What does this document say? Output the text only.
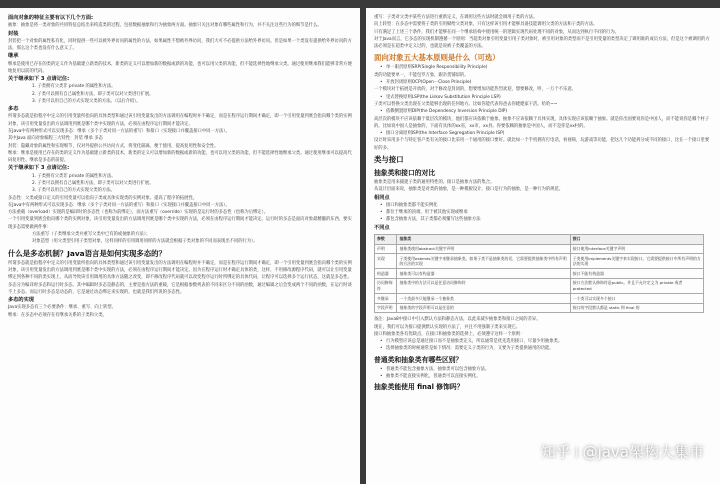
面向对象的特征主要有以下几个方面:
抽象：抽象是将一类对象的共同特征总结出来构造类的过程，包括数据抽象和行为抽象两方面。抽象只关注对象有哪些属性和行为，并不关注这些行为的细节是什么。
封装
封装把一个对象的属性私有化，同时提供一些可以被外界访问的属性的方法，如果属性不想被外界访问，我们大可不必提供方法给外界访问。但是如果一个类没有提供给外界访问的方法，那么这个类也没有什么意义了。
继承
继承是使用已存在的类的定义作为基础建立新类的技术，新类的定义可以增加新的数据或新的功能，也可以用父类的功能，但不能选择性地继承父类。通过使用继承我们能够非常方便地复用以前的代码。
关于继承如下 3 点请记住:
1. 子类拥有父类非 private 的属性和方法。
2. 子类可以拥有自己属性和方法，即子类可以对父类进行扩展。
3. 子类可以用自己的方式实现父类的方法。（以后介绍）。
多态
所谓多态就是指程序中定义的引用变量所指向的具体类型和通过该引用变量发出的方法调用在编程时并不确定，而是在程序运行期间才确定，即一个引用变量到底会指向哪个类的实例对象，该引用变量发出的方法调用到底是哪个类中实现的方法，必须在由程序运行期间才能决定。
在Java中有两种形式可以实现多态：继承（多个子类对同一方法的重写）和接口（实现接口并覆盖接口中同一方法）。
其中Java 面向对象编程三大特性：封装 继承 多态
封装：隐藏对象的属性和实现细节，仅对外提供公共访问方式，将变化隔离，便于使用，提高复用性和安全性。
继承：继承是使用已存在的类的定义作为基础建立新类的技术，新类的定义可以增加新的数据或新的功能，也可以用父类的功能，但不能选择性地继承父类。通过使用继承可以提高代码复用性。继承是多态的前提。
关于继承如下 3 点请记住:
1. 子类拥有父类非 private 的属性和方法。
2. 子类可以拥有自己属性和方法，即子类可以对父类进行扩展。
3. 子类可以用自己的方式实现父类的方法。
多态性：父类或接口定义的引用变量可以指向子类或具体实现类的实例对象。提高了程序的拓展性。
在Java中有两种形式可以实现多态：继承（多个子类对同一方法的重写）和接口（实现接口并覆盖接口中同一方法）。
方法重载（overload）实现的是编译时的多态性（也称为前绑定），而方法重写（override）实现的是运行时的多态性（也称为后绑定）。
一个引用变量到底会指向哪个类的实例对象，该引用变量发出的方法调用到底是哪个类中实现的方法，必须在由程序运行期间才能决定。运行时的多态是面向对象最精髓的东西，要实现多态需要做两件事：
方法重写（子类继承父类并重写父类中已有的或抽象的方法）；
对象造型（用父类型引用子类型对象，这样同样的引用调用同样的方法就会根据子类对象的不同而表现出不同的行为）。
什么是多态机制？Java语言是如何实现多态的？
所谓多态就是指程序中定义的引用变量所指向的具体类型和通过该引用变量发出的方法调用在编程时并不确定，而是在程序运行期间才确定，即一个引用变量到底会指向哪个类的实例对象，该引用变量发出的方法调用到底是哪个类中实现的方法，必须在由程序运行期间才能决定。因为在程序运行时才确定具体的类，这样，不用修改源程序代码，就可以让引用变量绑定到各种不同的类实现上，从而导致该引用调用的具体方法随之改变，即不修改程序代码就可以改变程序运行时所绑定的具体代码，让程序可以选择多个运行状态，这就是多态性。
多态分为编译时多态和运行时多态。其中编辑时多态是静态的，主要是指方法的重载，它是根据参数列表的不同来区分不同的函数，通过编辑之后会变成两个不同的函数，在运行时谈不上多态。而运行时多态是动态的，它是通过动态绑定来实现的，也就是我们所说的多态性。
多态的实现
Java实现多态有三个必要条件：继承、重写、向上转型。
继承：在多态中必须存在有继承关系的子类和父类。
重写：子类对父类中某些方法进行重新定义，在调用这些方法时就会调用子类的方法。
向上转型：在多态中需要将子类的引用赋给父类对象，只有这样该引用才能够具备技能调用父类的方法和子类的方法。
只有满足了上述三个条件，我们才能够在同一个继承结构中使用统一的逻辑实现代码处理不同的对象，从而达到执行不同的行为。
对于Java而言，它多态的实现机制遵循一个原则：当超类对象引用变量引用子类对象时，被引用对象的类型而不是引用变量的类型决定了调用谁的成员方法，但是这个被调用的方法必须是在超类中定义过的，也就是说被子类覆盖的方法。
面向对象五大基本原则是什么（可选）
• 单一职责原则SRP(Single Responsibility Principle)
类的功能要单一，不能包罗万象，跟杂货铺似的。
• 开放封闭原则OCP(Open－Close Principle)
一个模块对于拓展是开放的，对于修改是封闭的，想要增加功能热烈欢迎，想要修改，哼，一万个不乐意。
• 里式替换原则LSP(the Liskov Substitution Principle LSP)
子类可以替换父类出现在父类能够出现的任何地方。比如你能代表你爸去你姥姥家干活。哈哈~~
• 依赖倒置原则DIP(the Dependency Inversion Principle DIP)
高层次的模块不应该依赖于低层次的模块，他们都应该依赖于抽象。抽象不应该依赖于具体实现，具体实现应该依赖于抽象。就是你出国要说你是中国人，而不能说你是哪个村子的。比如说中国人是抽象的，下面有具体的xx省，xx市，xx县。你要依赖的抽象是中国人，而不是你是xx村的。
• 接口分离原则ISP(the Interface Segregation Principle ISP)
设计时采用多个与特定客户类有关的接口比采用一个通用的接口要好。就比如一个手机拥有打电话，看视频，玩游戏等功能，把这几个功能拆分成不同的接口，比在一个接口里要好的多。
类与接口
抽象类和接口的对比
抽象类是用来捕捉子类的通用特性的。接口是抽象方法的集合。
从设计层面来说，抽象类是对类的抽象，是一种模板设计，接口是行为的抽象，是一种行为的规范。
相同点
• 接口和抽象类都不能实例化
• 都位于继承的顶端，用于被其他实现或继承
• 都包含抽象方法，其子类都必须覆写这些抽象方法
不同点
参数	抽象类	接口
声明	抽象类使用abstract关键字声明	接口使用interface关键字声明
实现	子类使用extends关键字来继承抽象类。如果子类不是抽象类的话，它需要提供抽象类中所有声明的方法的实现	子类使用implements关键字来实现接口。它需要提供接口中所有声明的方法的实现
构造器	抽象类可以有构造器	接口不能有构造器
访问修饰符	抽象类中的方法可以是任意访问修饰符	接口方法默认修饰符是public。并且不允许定义为 private 或者 protected
多继承	一个类最多只能继承一个抽象类	一个类可以实现多个接口
字段声明	抽象类的字段声明可以是任意的	接口的字段默认都是 static 和 final 的
备注：Java8中接口中引入默认方法和静态方法，以此来减少抽象类和接口之间的差异。
现在，我们可以为接口提供默认实现的方法了，并且不用强制子类来实现它。
接口和抽象类各有优缺点，在接口和抽象类的选择上，必须遵守这样一个原则：
• 行为模型应该总是通过接口而不是抽象类定义，所以通常是优先选用接口，尽量少用抽象类。
• 选择抽象类的时候通常是如下情况：需要定义子类的行为，又要为子类提供通用的功能。
普通类和抽象类有哪些区别？
• 普通类不能包含抽象方法，抽象类可以包含抽象方法。
• 抽象类不能直接实例化，普通类可以直接实例化。
抽象类能使用 final 修饰吗？
知乎 | @java架构大集市
